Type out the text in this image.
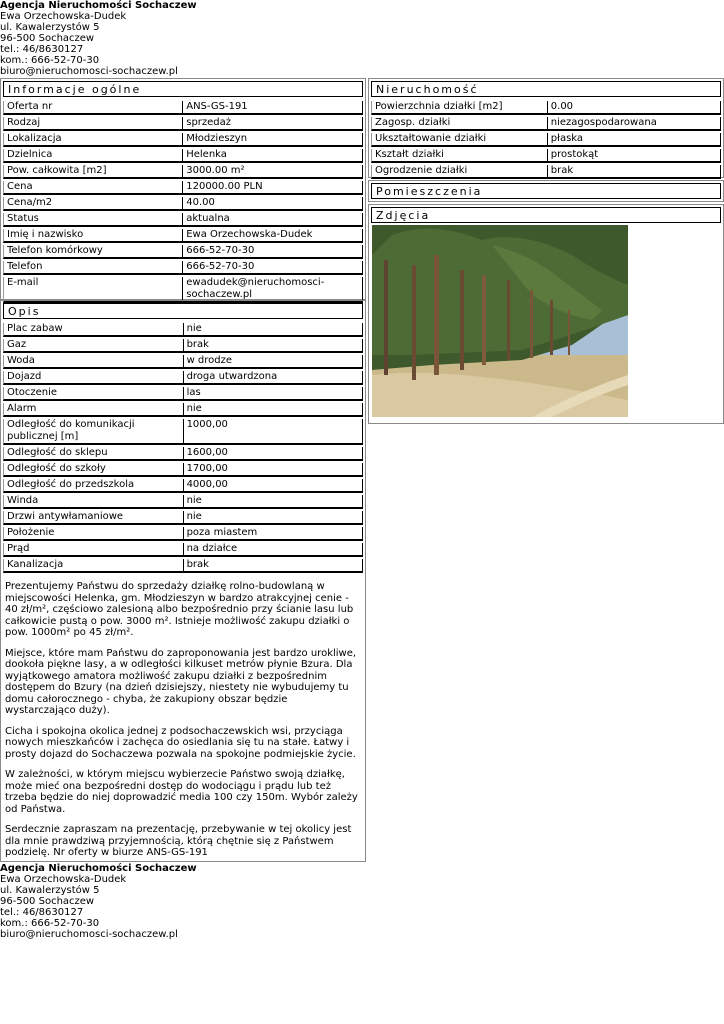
Agencja Nieruchomości Sochaczew
Ewa Orzechowska-Dudek
ul. Kawalerzystów 5
96-500 Sochaczew
tel.: 46/8630127
kom.: 666-52-70-30
biuro@nieruchomosci-sochaczew.pl
Informacje ogólne
Oferta nr	ANS-GS-191
Rodzaj	sprzedaż
Lokalizacja	Młodzieszyn
Dzielnica	Helenka
Pow. całkowita [m2]	3000.00 m²
Cena	120000.00 PLN
Cena/m2	40.00
Status	aktualna
Imię i nazwisko	Ewa Orzechowska-Dudek
Telefon komórkowy	666-52-70-30
Telefon	666-52-70-30
E-mail	ewadudek@nieruchomosci-sochaczew.pl
Opis
Plac zabaw	nie
Gaz	brak
Woda	w drodze
Dojazd	droga utwardzona
Otoczenie	las
Alarm	nie
Odległość do komunikacji publicznej [m]	1000,00
Odległość do sklepu	1600,00
Odległość do szkoły	1700,00
Odległość do przedszkola	4000,00
Winda	nie
Drzwi antywłamaniowe	nie
Położenie	poza miastem
Prąd	na działce
Kanalizacja	brak

Prezentujemy Państwu do sprzedaży działkę rolno-budowlaną w miejscowości Helenka, gm. Młodzieszyn w bardzo atrakcyjnej cenie - 40 zł/m², częściowo zalesioną albo bezpośrednio przy ścianie lasu lub całkowicie pustą o pow. 3000 m². Istnieje możliwość zakupu działki o pow. 1000m² po 45 zł/m².

Miejsce, które mam Państwu do zaproponowania jest bardzo urokliwe, dookoła piękne lasy, a w odległości kilkuset metrów płynie Bzura. Dla wyjątkowego amatora możliwość zakupu działki z bezpośrednim dostępem do Bzury (na dzień dzisiejszy, niestety nie wybudujemy tu domu całorocznego - chyba, że zakupiony obszar będzie wystarczająco duży).

Cicha i spokojna okolica jednej z podsochaczewskich wsi, przyciąga nowych mieszkańców i zachęca do osiedlania się tu na stałe. Łatwy i prosty dojazd do Sochaczewa pozwala na spokojne podmiejskie życie.

W zależności, w którym miejscu wybierzecie Państwo swoją działkę, może mieć ona bezpośredni dostęp do wodociągu i prądu lub też trzeba będzie do niej doprowadzić media 100 czy 150m. Wybór zależy od Państwa.

Serdecznie zapraszam na prezentację, przebywanie w tej okolicy jest dla mnie prawdziwą przyjemnością, którą chętnie się z Państwem podzielę. Nr oferty w biurze ANS-GS-191

Nieruchomość
Powierzchnia działki [m2]	0.00
Zagosp. działki	niezagospodarowana
Ukształtowanie działki	płaska
Kształt działki	prostokąt
Ogrodzenie działki	brak
Pomieszczenia
Zdjęcia
Agencja Nieruchomości Sochaczew
Ewa Orzechowska-Dudek
ul. Kawalerzystów 5
96-500 Sochaczew
tel.: 46/8630127
kom.: 666-52-70-30
biuro@nieruchomosci-sochaczew.pl
